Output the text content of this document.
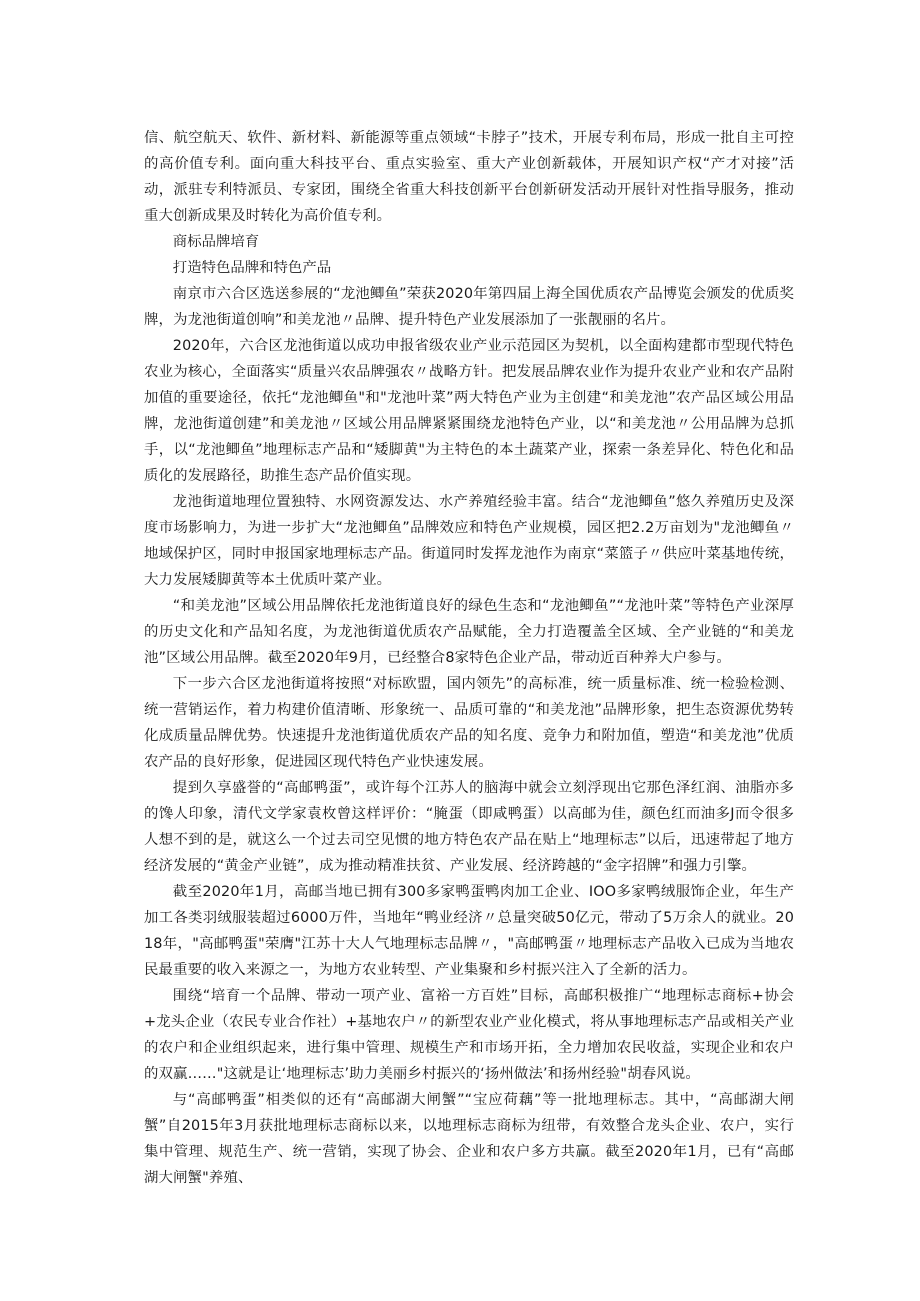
信、航空航天、软件、新材料、新能源等重点领域“卡脖子”技术，开展专利布局，形成一批自主可控的高价值专利。面向重大科技平台、重点实验室、重大产业创新载体，开展知识产权“产才对接”活动，派驻专利特派员、专家团，围绕全省重大科技创新平台创新研发活动开展针对性指导服务，推动重大创新成果及时转化为高价值专利。

商标品牌培育

打造特色品牌和特色产品

南京市六合区选送参展的“龙池鲫鱼”荣获2020年第四届上海全国优质农产品博览会颁发的优质奖牌，为龙池街道创响”和美龙池〃品牌、提升特色产业发展添加了一张靓丽的名片。

2020年，六合区龙池街道以成功申报省级农业产业示范园区为契机，以全面构建都市型现代特色农业为核心，全面落实“质量兴农品牌强农〃战略方针。把发展品牌农业作为提升农业产业和农产品附加值的重要途径，依托“龙池鲫鱼"和"龙池叶菜”两大特色产业为主创建“和美龙池”农产品区域公用品牌，龙池街道创建”和美龙池〃区域公用品牌紧紧围绕龙池特色产业，以“和美龙池〃公用品牌为总抓手，以“龙池鲫鱼”地理标志产品和“矮脚黄"为主特色的本土蔬菜产业，探索一条差异化、特色化和品质化的发展路径，助推生态产品价值实现。

龙池街道地理位置独特、水网资源发达、水产养殖经验丰富。结合“龙池鲫鱼”悠久养殖历史及深度市场影响力，为进一步扩大“龙池鲫鱼”品牌效应和特色产业规模，园区把2.2万亩划为"龙池鲫鱼〃地域保护区，同时申报国家地理标志产品。街道同时发挥龙池作为南京“菜篮子〃供应叶菜基地传统，大力发展矮脚黄等本土优质叶菜产业。

“和美龙池”区域公用品牌依托龙池街道良好的绿色生态和“龙池鲫鱼”“龙池叶菜”等特色产业深厚的历史文化和产品知名度，为龙池街道优质农产品赋能，全力打造覆盖全区域、全产业链的“和美龙池”区域公用品牌。截至2020年9月，已经整合8家特色企业产品，带动近百种养大户参与。

下一步六合区龙池街道将按照“对标欧盟，国内领先”的高标准，统一质量标准、统一检验检测、统一营销运作，着力构建价值清晰、形象统一、品质可靠的“和美龙池”品牌形象，把生态资源优势转化成质量品牌优势。快速提升龙池街道优质农产品的知名度、竞争力和附加值，塑造“和美龙池”优质农产品的良好形象，促进园区现代特色产业快速发展。

提到久享盛誉的“高邮鸭蛋”，或许每个江苏人的脑海中就会立刻浮现出它那色泽红润、油脂亦多的馋人印象，清代文学家袁枚曾这样评价：“腌蛋（即咸鸭蛋）以高邮为佳，颜色红而油多J而令很多人想不到的是，就这么一个过去司空见惯的地方特色农产品在贴上“地理标志”以后，迅速带起了地方经济发展的“黄金产业链”，成为推动精准扶贫、产业发展、经济跨越的“金字招牌”和强力引擎。

截至2020年1月，高邮当地已拥有300多家鸭蛋鸭肉加工企业、IOO多家鸭绒服饰企业，年生产加工各类羽绒服装超过6000万件，当地年“鸭业经济〃总量突破50亿元，带动了5万余人的就业。2018年，"高邮鸭蛋"荣膺"江苏十大人气地理标志品牌〃，"高邮鸭蛋〃地理标志产品收入已成为当地农民最重要的收入来源之一，为地方农业转型、产业集聚和乡村振兴注入了全新的活力。

围绕“培育一个品牌、带动一项产业、富裕一方百姓”目标，高邮积极推广“地理标志商标+协会+龙头企业（农民专业合作社）+基地农户〃的新型农业产业化模式，将从事地理标志产品或相关产业的农户和企业组织起来，进行集中管理、规模生产和市场开拓，全力增加农民收益，实现企业和农户的双赢……"这就是让‘地理标志’助力美丽乡村振兴的‘扬州做法’和扬州经验"胡春风说。

与“高邮鸭蛋”相类似的还有“高邮湖大闸蟹”“宝应荷藕”等一批地理标志。其中，“高邮湖大闸蟹”自2015年3月获批地理标志商标以来，以地理标志商标为纽带，有效整合龙头企业、农户，实行集中管理、规范生产、统一营销，实现了协会、企业和农户多方共赢。截至2020年1月，已有“高邮湖大闸蟹"养殖、
